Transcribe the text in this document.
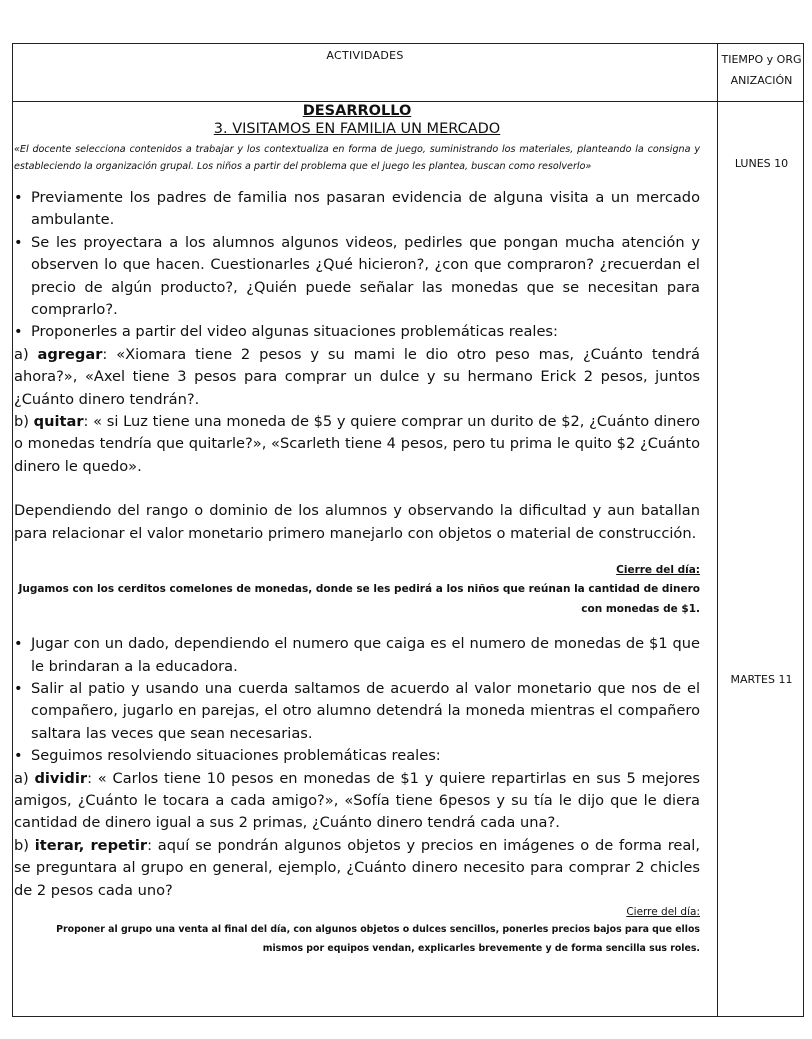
ACTIVIDADES	TIEMPO y ORGANIZACIÓN
LUNES 10
MARTES 11

DESARROLLO

3. VISITAMOS EN FAMILIA UN MERCADO

«El docente selecciona contenidos a trabajar y los contextualiza en forma de juego, suministrando los materiales, planteando la consigna y estableciendo la organización grupal. Los niños a partir del problema que el juego les plantea, buscan como resolverlo»

• Previamente los padres de familia nos pasaran evidencia de alguna visita a un mercado ambulante.
• Se les proyectara a los alumnos algunos videos, pedirles que pongan mucha atención y observen lo que hacen. Cuestionarles ¿Qué hicieron?, ¿con que compraron? ¿recuerdan el precio de algún producto?, ¿Quién puede señalar las monedas que se necesitan para comprarlo?.
• Proponerles a partir del video algunas situaciones problemáticas reales:

a) agregar: «Xiomara tiene 2 pesos y su mami le dio otro peso mas, ¿Cuánto tendrá ahora?», «Axel tiene 3 pesos para comprar un dulce y su hermano Erick 2 pesos, juntos ¿Cuánto dinero tendrán?.

b) quitar: « si Luz tiene una moneda de $5 y quiere comprar un durito de $2, ¿Cuánto dinero o monedas tendría que quitarle?», «Scarleth tiene 4 pesos, pero tu prima le quito $2 ¿Cuánto dinero le quedo».

Dependiendo del rango o dominio de los alumnos y observando la dificultad y aun batallan para relacionar el valor monetario primero manejarlo con objetos o material de construcción.

Cierre del día:

Jugamos con los cerditos comelones de monedas, donde se les pedirá a los niños que reúnan la cantidad de dinero con monedas de $1.

• Jugar con un dado, dependiendo el numero que caiga es el numero de monedas de $1 que le brindaran a la educadora.
• Salir al patio y usando una cuerda saltamos de acuerdo al valor monetario que nos de el compañero, jugarlo en parejas, el otro alumno detendrá la moneda mientras el compañero saltara las veces que sean necesarias.
• Seguimos resolviendo situaciones problemáticas reales:

a) dividir: « Carlos tiene 10 pesos en monedas de $1 y quiere repartirlas en sus 5 mejores amigos, ¿Cuánto le tocara a cada amigo?», «Sofía tiene 6pesos y su tía le dijo que le diera cantidad de dinero igual a sus 2 primas, ¿Cuánto dinero tendrá cada una?.

b) iterar, repetir: aquí se pondrán algunos objetos y precios en imágenes o de forma real, se preguntara al grupo en general, ejemplo, ¿Cuánto dinero necesito para comprar 2 chicles de 2 pesos cada uno?

Cierre del día:

Proponer al grupo una venta al final del día, con algunos objetos o dulces sencillos, ponerles precios bajos para que ellos mismos por equipos vendan, explicarles brevemente y de forma sencilla sus roles.
